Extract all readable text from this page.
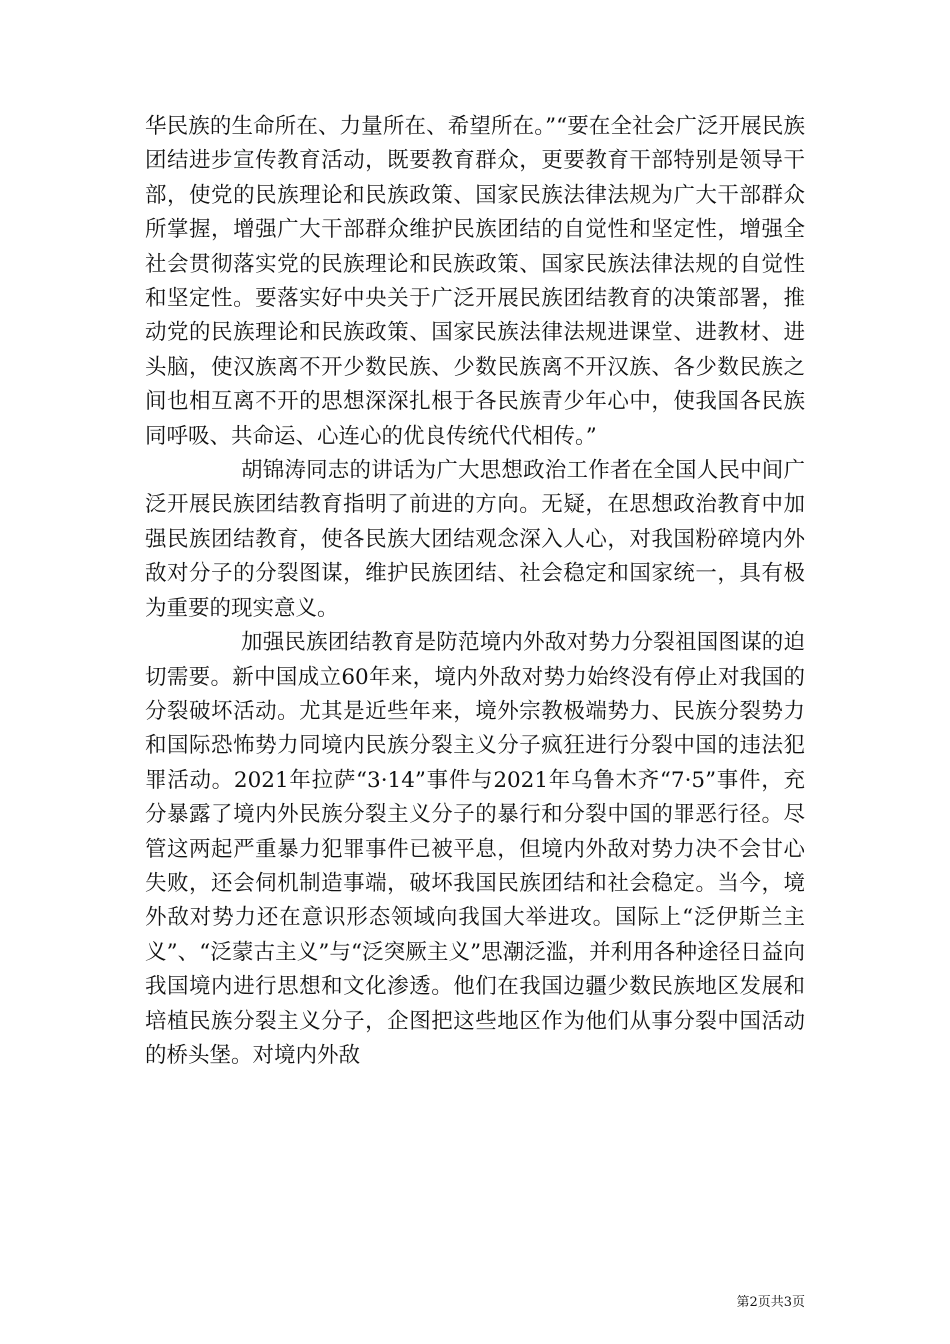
华民族的生命所在、力量所在、希望所在。”“要在全社会广泛开展民族团结进步宣传教育活动，既要教育群众，更要教育干部特别是领导干部，使党的民族理论和民族政策、国家民族法律法规为广大干部群众所掌握，增强广大干部群众维护民族团结的自觉性和坚定性，增强全社会贯彻落实党的民族理论和民族政策、国家民族法律法规的自觉性和坚定性。要落实好中央关于广泛开展民族团结教育的决策部署，推动党的民族理论和民族政策、国家民族法律法规进课堂、进教材、进头脑，使汉族离不开少数民族、少数民族离不开汉族、各少数民族之间也相互离不开的思想深深扎根于各民族青少年心中，使我国各民族同呼吸、共命运、心连心的优良传统代代相传。”

胡锦涛同志的讲话为广大思想政治工作者在全国人民中间广泛开展民族团结教育指明了前进的方向。无疑，在思想政治教育中加强民族团结教育，使各民族大团结观念深入人心，对我国粉碎境内外敌对分子的分裂图谋，维护民族团结、社会稳定和国家统一，具有极为重要的现实意义。

加强民族团结教育是防范境内外敌对势力分裂祖国图谋的迫切需要。新中国成立60年来，境内外敌对势力始终没有停止对我国的分裂破坏活动。尤其是近些年来，境外宗教极端势力、民族分裂势力和国际恐怖势力同境内民族分裂主义分子疯狂进行分裂中国的违法犯罪活动。2021年拉萨“3·14”事件与2021年乌鲁木齐“7·5”事件，充分暴露了境内外民族分裂主义分子的暴行和分裂中国的罪恶行径。尽管这两起严重暴力犯罪事件已被平息，但境内外敌对势力决不会甘心失败，还会伺机制造事端，破坏我国民族团结和社会稳定。当今，境外敌对势力还在意识形态领域向我国大举进攻。国际上“泛伊斯兰主义”、“泛蒙古主义”与“泛突厥主义”思潮泛滥，并利用各种途径日益向我国境内进行思想和文化渗透。他们在我国边疆少数民族地区发展和培植民族分裂主义分子，企图把这些地区作为他们从事分裂中国活动的桥头堡。对境内外敌

第2页共3页
